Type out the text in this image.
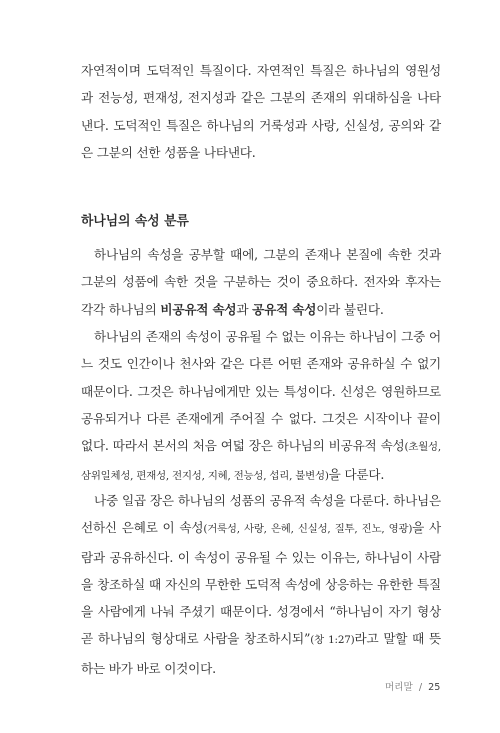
자연적이며 도덕적인 특질이다. 자연적인 특질은 하나님의 영원성과 전능성, 편재성, 전지성과 같은 그분의 존재의 위대하심을 나타낸다. 도덕적인 특질은 하나님의 거룩성과 사랑, 신실성, 공의와 같은 그분의 선한 성품을 나타낸다.

하나님의 속성 분류

하나님의 속성을 공부할 때에, 그분의 존재나 본질에 속한 것과 그분의 성품에 속한 것을 구분하는 것이 중요하다. 전자와 후자는 각각 하나님의 비공유적 속성과 공유적 속성이라 불린다.

하나님의 존재의 속성이 공유될 수 없는 이유는 하나님이 그중 어느 것도 인간이나 천사와 같은 다른 어떤 존재와 공유하실 수 없기 때문이다. 그것은 하나님에게만 있는 특성이다. 신성은 영원하므로 공유되거나 다른 존재에게 주어질 수 없다. 그것은 시작이나 끝이 없다. 따라서 본서의 처음 여덟 장은 하나님의 비공유적 속성(초월성, 삼위일체성, 편재성, 전지성, 지혜, 전능성, 섭리, 불변성)을 다룬다.

나중 일곱 장은 하나님의 성품의 공유적 속성을 다룬다. 하나님은 선하신 은혜로 이 속성(거룩성, 사랑, 은혜, 신실성, 질투, 진노, 영광)을 사람과 공유하신다. 이 속성이 공유될 수 있는 이유는, 하나님이 사람을 창조하실 때 자신의 무한한 도덕적 속성에 상응하는 유한한 특질을 사람에게 나눠 주셨기 때문이다. 성경에서 “하나님이 자기 형상 곧 하나님의 형상대로 사람을 창조하시되”(창 1:27)라고 말할 때 뜻하는 바가 바로 이것이다.

머리말 / 25
